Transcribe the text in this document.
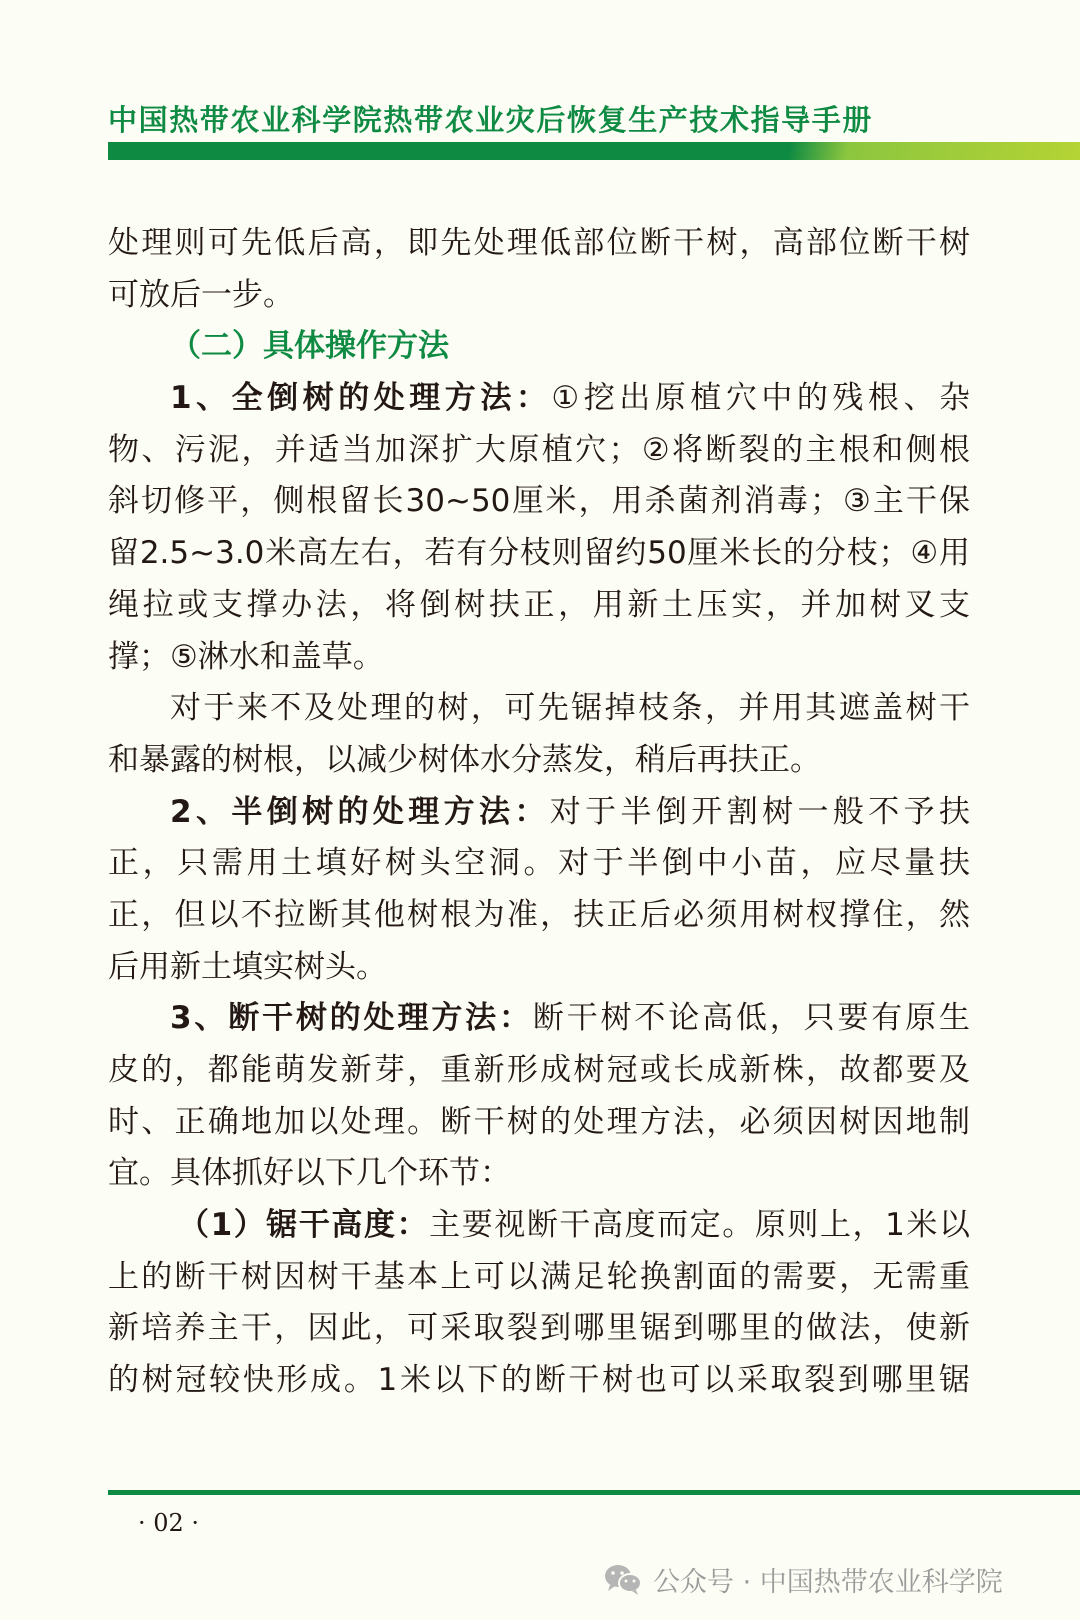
中国热带农业科学院热带农业灾后恢复生产技术指导手册
处理则可先低后高，即先处理低部位断干树，高部位断干树
可放后一步。
（二）具体操作方法
1、全倒树的处理方法：①挖出原植穴中的残根、杂
物、污泥，并适当加深扩大原植穴；②将断裂的主根和侧根
斜切修平，侧根留长30~50厘米，用杀菌剂消毒；③主干保
留2.5~3.0米高左右，若有分枝则留约50厘米长的分枝；④用
绳拉或支撑办法，将倒树扶正，用新土压实，并加树叉支
撑；⑤淋水和盖草。
对于来不及处理的树，可先锯掉枝条，并用其遮盖树干
和暴露的树根，以减少树体水分蒸发，稍后再扶正。
2、半倒树的处理方法：对于半倒开割树一般不予扶
正，只需用土填好树头空洞。对于半倒中小苗，应尽量扶
正，但以不拉断其他树根为准，扶正后必须用树杈撑住，然
后用新土填实树头。
3、断干树的处理方法：断干树不论高低，只要有原生
皮的，都能萌发新芽，重新形成树冠或长成新株，故都要及
时、正确地加以处理。断干树的处理方法，必须因树因地制
宜。具体抓好以下几个环节：
（1）锯干高度：主要视断干高度而定。原则上，1米以
上的断干树因树干基本上可以满足轮换割面的需要，无需重
新培养主干，因此，可采取裂到哪里锯到哪里的做法，使新
的树冠较快形成。1米以下的断干树也可以采取裂到哪里锯
· 02 ·
公众号 · 中国热带农业科学院
